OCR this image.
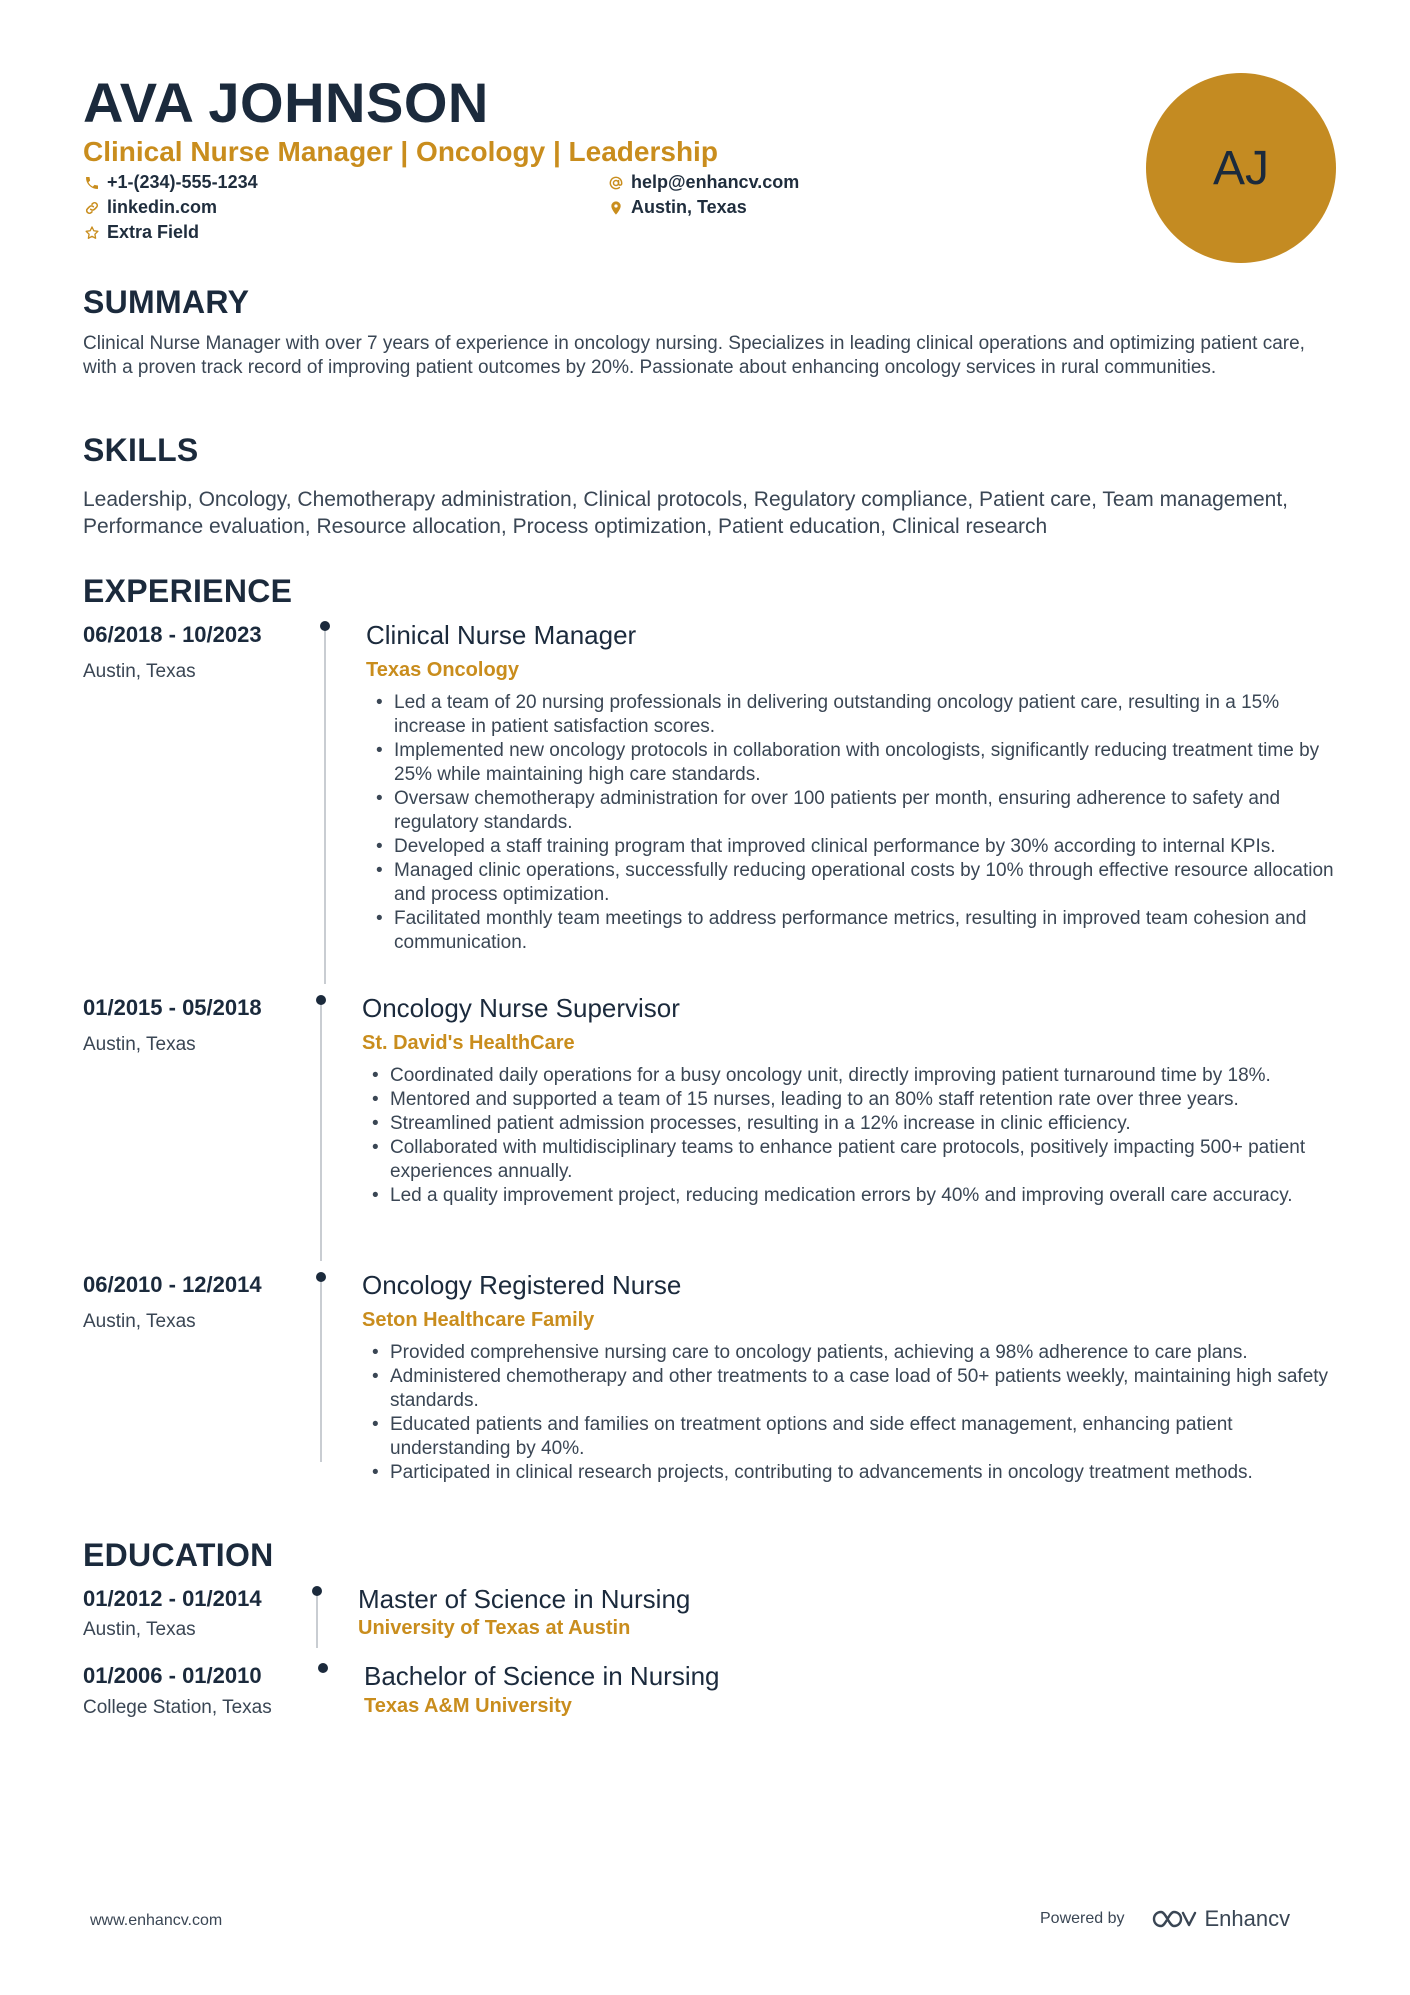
AVA JOHNSON
Clinical Nurse Manager | Oncology | Leadership
+1-(234)-555-1234
linkedin.com
Extra Field
help@enhancv.com
Austin, Texas
AJ
SUMMARY
Clinical Nurse Manager with over 7 years of experience in oncology nursing. Specializes in leading clinical operations and optimizing patient care, with a proven track record of improving patient outcomes by 20%. Passionate about enhancing oncology services in rural communities.
SKILLS
Leadership, Oncology, Chemotherapy administration, Clinical protocols, Regulatory compliance, Patient care, Team management, Performance evaluation, Resource allocation, Process optimization, Patient education, Clinical research
EXPERIENCE
06/2018 - 10/2023
Austin, Texas
Clinical Nurse Manager
Texas Oncology
• Led a team of 20 nursing professionals in delivering outstanding oncology patient care, resulting in a 15% increase in patient satisfaction scores.
• Implemented new oncology protocols in collaboration with oncologists, significantly reducing treatment time by 25% while maintaining high care standards.
• Oversaw chemotherapy administration for over 100 patients per month, ensuring adherence to safety and regulatory standards.
• Developed a staff training program that improved clinical performance by 30% according to internal KPIs.
• Managed clinic operations, successfully reducing operational costs by 10% through effective resource allocation and process optimization.
• Facilitated monthly team meetings to address performance metrics, resulting in improved team cohesion and communication.
01/2015 - 05/2018
Austin, Texas
Oncology Nurse Supervisor
St. David's HealthCare
• Coordinated daily operations for a busy oncology unit, directly improving patient turnaround time by 18%.
• Mentored and supported a team of 15 nurses, leading to an 80% staff retention rate over three years.
• Streamlined patient admission processes, resulting in a 12% increase in clinic efficiency.
• Collaborated with multidisciplinary teams to enhance patient care protocols, positively impacting 500+ patient experiences annually.
• Led a quality improvement project, reducing medication errors by 40% and improving overall care accuracy.
06/2010 - 12/2014
Austin, Texas
Oncology Registered Nurse
Seton Healthcare Family
• Provided comprehensive nursing care to oncology patients, achieving a 98% adherence to care plans.
• Administered chemotherapy and other treatments to a case load of 50+ patients weekly, maintaining high safety standards.
• Educated patients and families on treatment options and side effect management, enhancing patient understanding by 40%.
• Participated in clinical research projects, contributing to advancements in oncology treatment methods.
EDUCATION
01/2012 - 01/2014
Austin, Texas
Master of Science in Nursing
University of Texas at Austin
01/2006 - 01/2010
College Station, Texas
Bachelor of Science in Nursing
Texas A&M University
www.enhancv.com	Powered by	Enhancv
